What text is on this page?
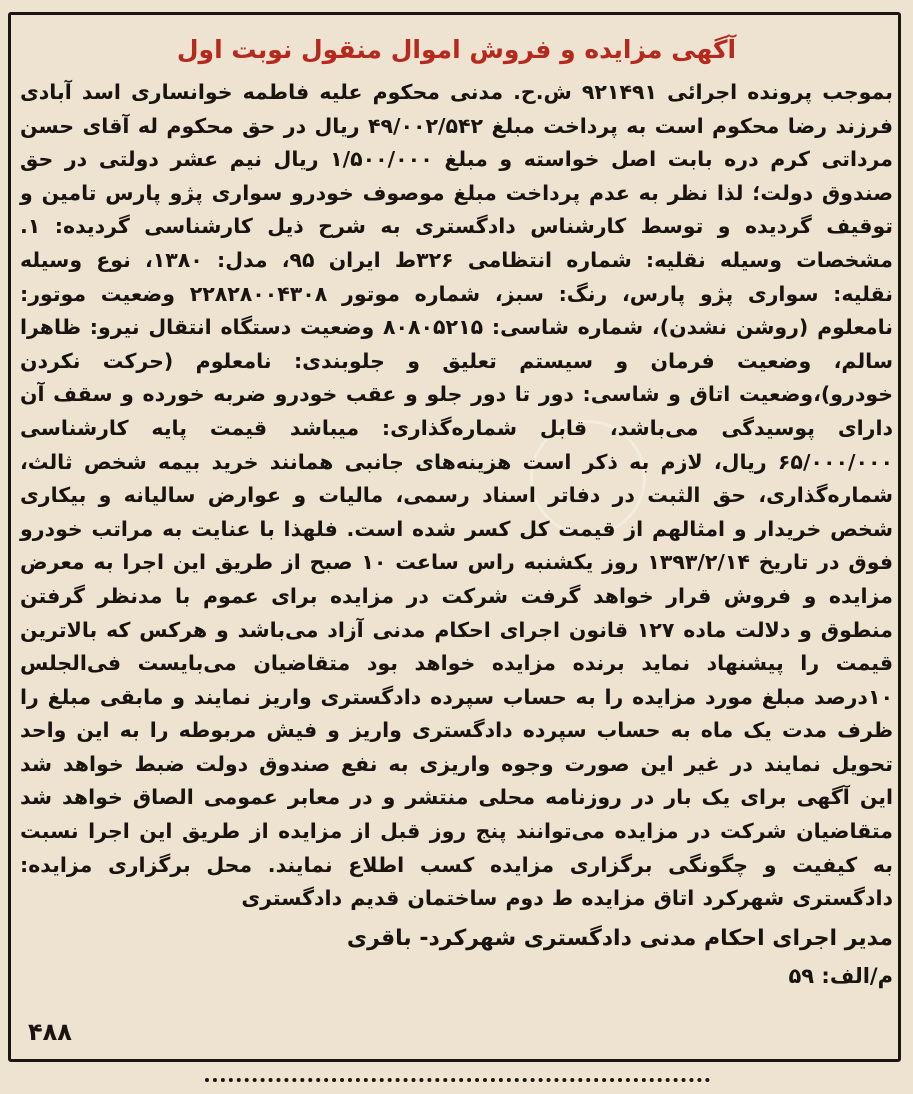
آگهی مزایده و فروش اموال منقول نوبت اول

بموجب پرونده اجرائی ۹۲۱۴۹۱ ش.ح. مدنی محکوم علیه فاطمه خوانساری اسد آبادی فرزند رضا محکوم است به پرداخت مبلغ ۴۹/۰۰۲/۵۴۲ ریال در حق محکوم له آقای حسن مرداتی کرم دره بابت اصل خواسته و مبلغ ۱/۵۰۰/۰۰۰ ریال نیم عشر دولتی در حق صندوق دولت؛ لذا نظر به عدم پرداخت مبلغ موصوف خودرو سواری پژو پارس تامین و توقیف گردیده و توسط کارشناس دادگستری به شرح ذیل کارشناسی گردیده: ۱. مشخصات وسیله نقلیه: شماره انتظامی ۳۲۶ط ایران ۹۵، مدل: ۱۳۸۰، نوع وسیله نقلیه: سواری پژو پارس، رنگ: سبز، شماره موتور ۲۲۸۲۸۰۰۴۳۰۸ وضعیت موتور: نامعلوم (روشن نشدن)، شماره شاسی: ۸۰۸۰۵۲۱۵ وضعیت دستگاه انتقال نیرو: ظاهرا سالم، وضعیت فرمان و سیستم تعلیق و جلوبندی: نامعلوم (حرکت نکردن خودرو)،وضعیت اتاق و شاسی: دور تا دور جلو و عقب خودرو ضربه خورده و سقف آن دارای پوسیدگی می‌باشد، قابل شماره‌گذاری: میباشد قیمت پایه کارشناسی ۶۵/۰۰۰/۰۰۰ ریال، لازم به ذکر است هزینه‌های جانبی همانند خرید بیمه شخص ثالث، شماره‌گذاری، حق الثبت در دفاتر اسناد رسمی، مالیات و عوارض سالیانه و بیکاری شخص خریدار و امثالهم از قیمت کل کسر شده است. فلهذا با عنایت به مراتب خودرو فوق در تاریخ ۱۳۹۳/۲/۱۴ روز یکشنبه راس ساعت ۱۰ صبح از طریق این اجرا به معرض مزایده و فروش قرار خواهد گرفت شرکت در مزایده برای عموم با مدنظر گرفتن منطوق و دلالت ماده ۱۲۷ قانون اجرای احکام مدنی آزاد می‌باشد و هرکس که بالاترین قیمت را پیشنهاد نماید برنده مزایده خواهد بود متقاضیان می‌بایست فی‌الجلس ۱۰درصد مبلغ مورد مزایده را به حساب سپرده دادگستری واریز نمایند و مابقی مبلغ را ظرف مدت یک ماه به حساب سپرده دادگستری واریز و فیش مربوطه را به این واحد تحویل نمایند در غیر این صورت وجوه واریزی به نفع صندوق دولت ضبط خواهد شد این آگهی برای یک بار در روزنامه محلی منتشر و در معابر عمومی الصاق خواهد شد متقاضیان شرکت در مزایده می‌توانند پنج روز قبل از مزایده از طریق این اجرا نسبت به کیفیت و چگونگی برگزاری مزایده کسب اطلاع نمایند. محل برگزاری مزایده: دادگستری شهرکرد اتاق مزایده ط دوم ساختمان قدیم دادگستری

مدیر اجرای احکام مدنی دادگستری شهرکرد- باقری
م/الف: ۵۹
۴۸۸
